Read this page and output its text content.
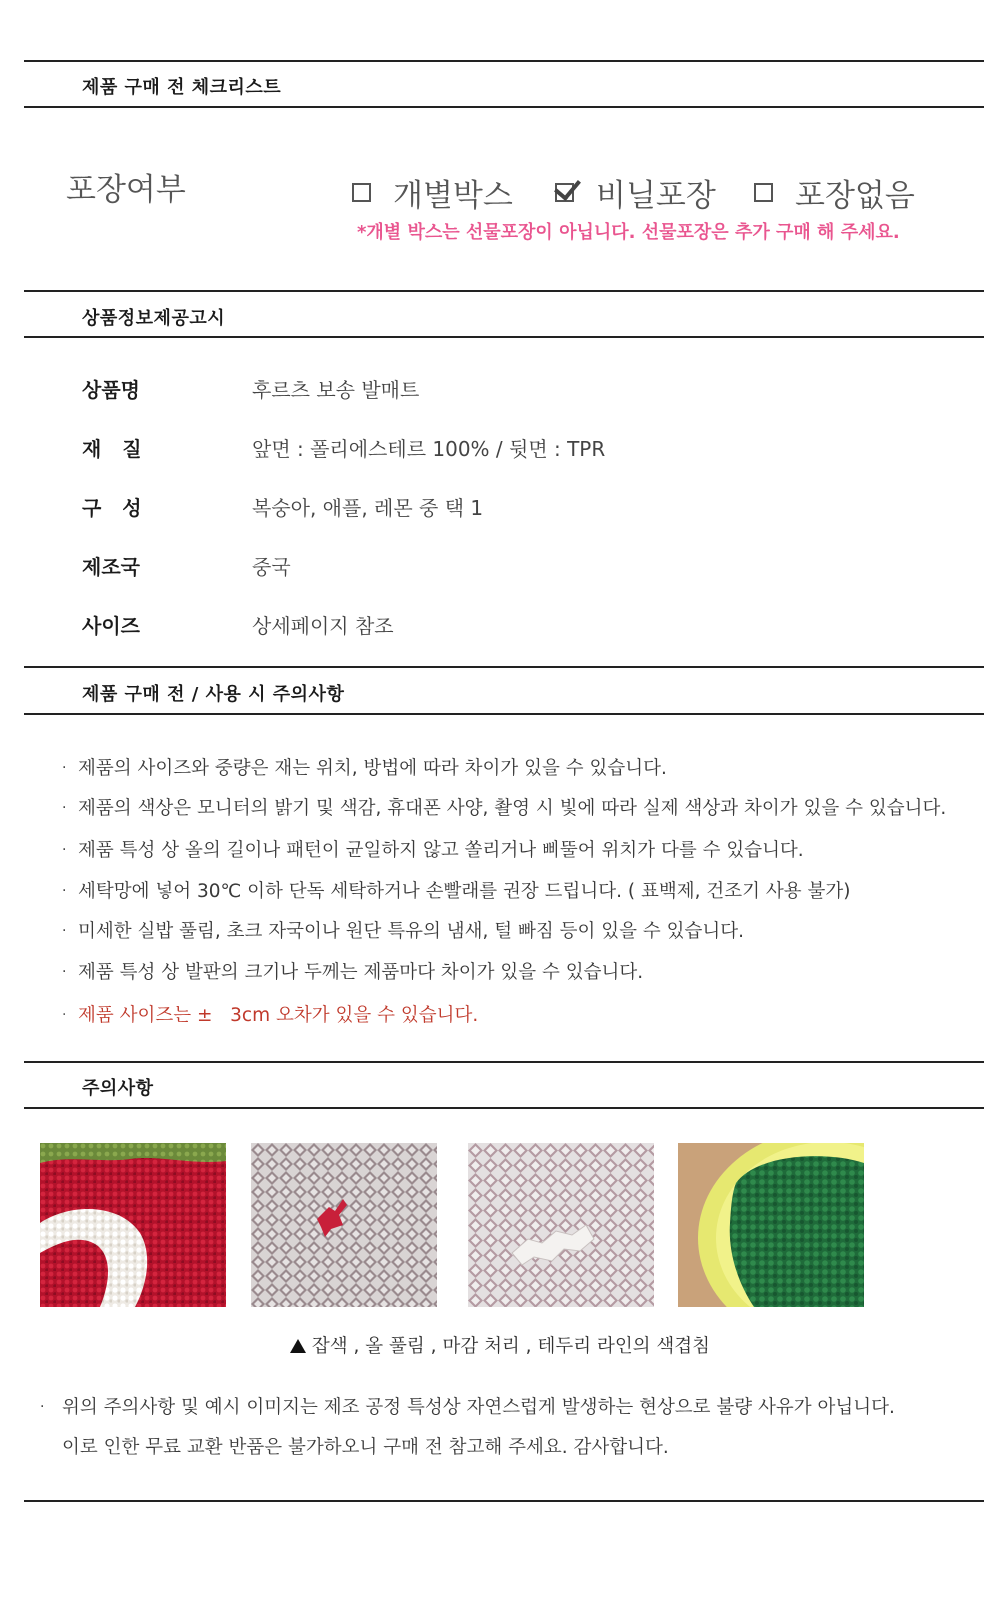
제품 구매 전 체크리스트
포장여부	개별박스	비닐포장	포장없음
*개별 박스는 선물포장이 아닙니다. 선물포장은 추가 구매 해 주세요.
상품정보제공고시
상품명	후르츠 보송 발매트
재   질	앞면 : 폴리에스테르 100% / 뒷면 : TPR
구   성	복숭아, 애플, 레몬 중 택 1
제조국	중국
사이즈	상세페이지 참조
제품 구매 전 / 사용 시 주의사항
· 제품의 사이즈와 중량은 재는 위치, 방법에 따라 차이가 있을 수 있습니다.
· 제품의 색상은 모니터의 밝기 및 색감, 휴대폰 사양, 촬영 시 빛에 따라 실제 색상과 차이가 있을 수 있습니다.
· 제품 특성 상 올의 길이나 패턴이 균일하지 않고 쏠리거나 삐뚤어 위치가 다를 수 있습니다.
· 세탁망에 넣어 30℃ 이하 단독 세탁하거나 손빨래를 권장 드립니다. ( 표백제, 건조기 사용 불가)
· 미세한 실밥 풀림, 초크 자국이나 원단 특유의 냄새, 털 빠짐 등이 있을 수 있습니다.
· 제품 특성 상 발판의 크기나 두께는 제품마다 차이가 있을 수 있습니다.
· 제품 사이즈는 ±   3cm 오차가 있을 수 있습니다.
주의사항
잡색 , 올 풀림 , 마감 처리 , 테두리 라인의 색겹침
· 위의 주의사항 및 예시 이미지는 제조 공정 특성상 자연스럽게 발생하는 현상으로 불량 사유가 아닙니다.
이로 인한 무료 교환 반품은 불가하오니 구매 전 참고해 주세요. 감사합니다.
